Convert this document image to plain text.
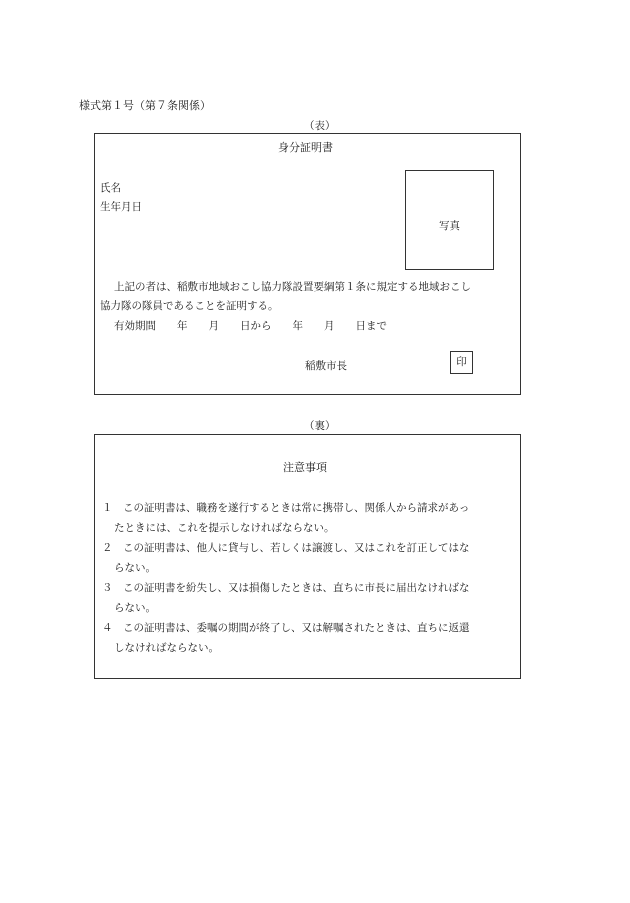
様式第１号（第７条関係）
（表）
身分証明書
氏名
生年月日
写真
上記の者は、稲敷市地域おこし協力隊設置要綱第１条に規定する地域おこし
協力隊の隊員であることを証明する。
有効期間　　年　　月　　日から　　年　　月　　日まで
稲敷市長	印
（裏）
注意事項
１　この証明書は、職務を遂行するときは常に携帯し、関係人から請求があっ
たときには、これを提示しなければならない。
２　この証明書は、他人に貸与し、若しくは譲渡し、又はこれを訂正してはな
らない。
３　この証明書を紛失し、又は損傷したときは、直ちに市長に届出なければな
らない。
４　この証明書は、委嘱の期間が終了し、又は解嘱されたときは、直ちに返還
しなければならない。
